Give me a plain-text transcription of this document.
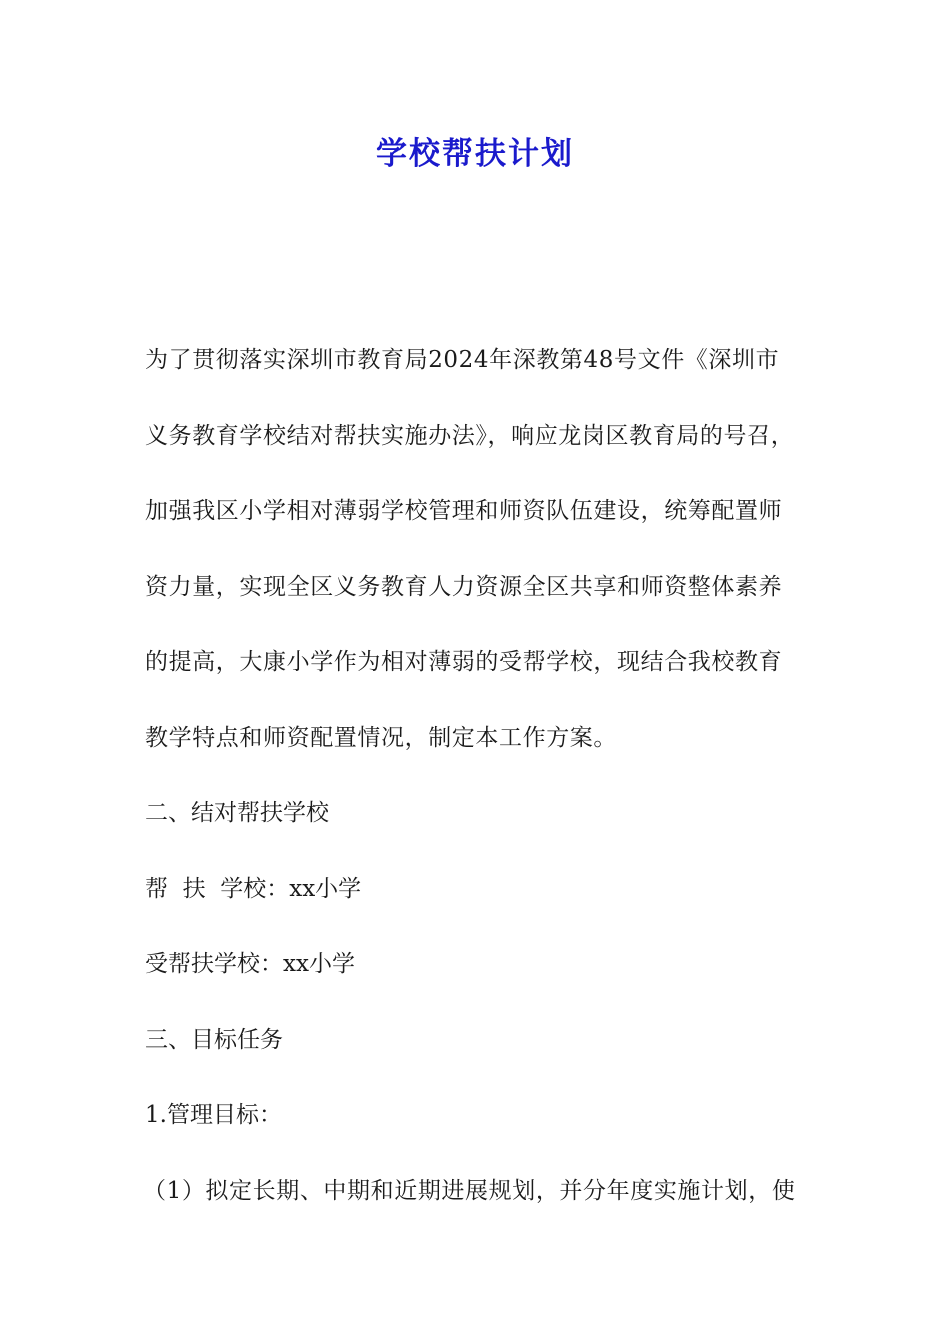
学校帮扶计划

为了贯彻落实深圳市教育局2024年深教第48号文件《深圳市

义务教育学校结对帮扶实施办法》，响应龙岗区教育局的号召，

加强我区小学相对薄弱学校管理和师资队伍建设，统筹配置师

资力量，实现全区义务教育人力资源全区共享和师资整体素养

的提高，大康小学作为相对薄弱的受帮学校，现结合我校教育

教学特点和师资配置情况，制定本工作方案。

二、结对帮扶学校

帮  扶  学校：xx小学

受帮扶学校：xx小学

三、目标任务

1.管理目标：

（1）拟定长期、中期和近期进展规划，并分年度实施计划，使
